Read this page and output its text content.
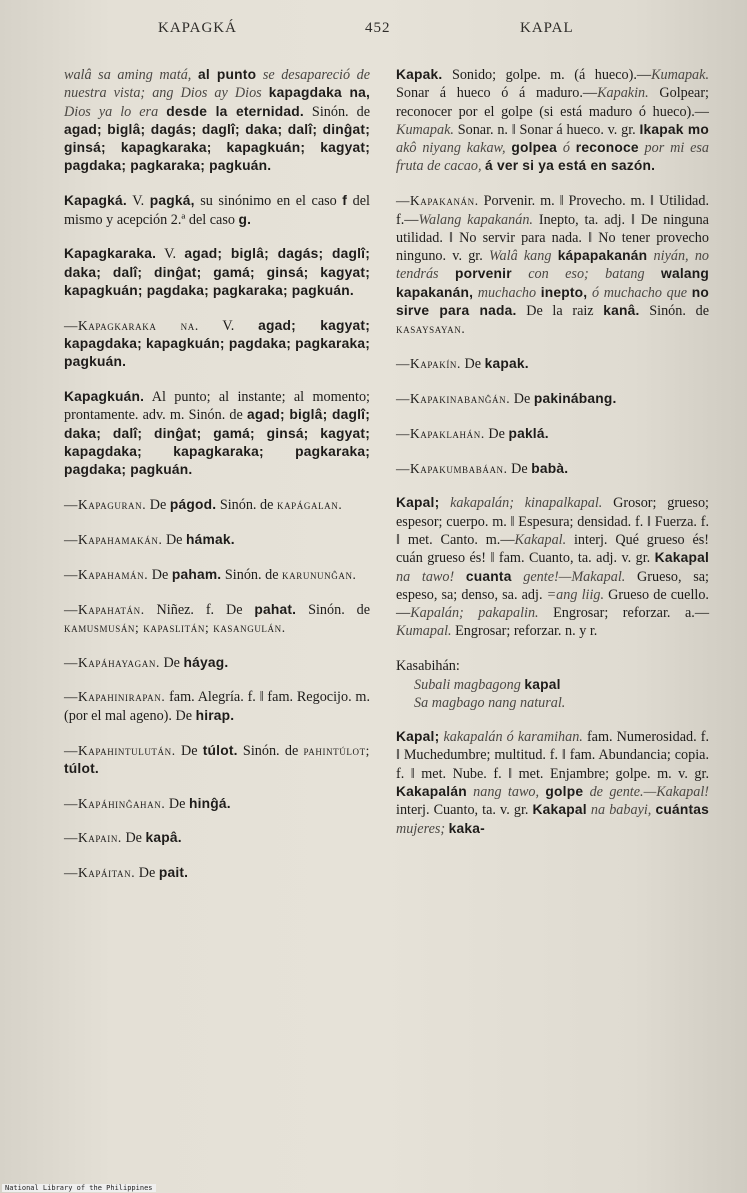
KAPAGKÁ	452	KAPAL

walâ sa aming matá, al punto se desapareció de nuestra vista; ang Dios ay Dios kapagdaka na, Dios ya lo era desde la eternidad. Sinón. de agad; biglâ; dagás; daglî; daka; dalî; dinĝat; ginsá; kapagkaraka; kapagkuán; kagyat; pagdaka; pagkaraka; pagkuán.

Kapagká. V. pagká, su sinónimo en el caso f del mismo y acepción 2.ª del caso g.

Kapagkaraka. V. agad; biglâ; dagás; daglî; daka; dalî; dinĝat; gamá; ginsá; kagyat; kapagkuán; pagdaka; pagkaraka; pagkuán.

—Kapagkaraka na. V. agad; kagyat; kapagdaka; kapagkuán; pagdaka; pagkaraka; pagkuán.

Kapagkuán. Al punto; al instante; al momento; prontamente. adv. m. Sinón. de agad; biglâ; daglî; daka; dalî; dinĝat; gamá; ginsá; kagyat; kapagdaka; kapagkaraka; pagkaraka; pagdaka; pagkuán.

—Kapaguran. De págod. Sinón. de kapágalan.

—Kapahamakán. De hámak.

—Kapahamán. De paham. Sinón. de karununĝan.

—Kapahatán. Niñez. f. De pahat. Sinón. de kamusmusán; kapaslitán; kasangulán.

—Kapáhayagan. De háyag.

—Kapahinirapan. fam. Alegría. f. ‖ fam. Regocijo. m. (por el mal ageno). De hirap.

—Kapahintulután. De túlot. Sinón. de pahintúlot; túlot.

—Kapáhinĝahan. De hinĝá.

—Kapain. De kapâ.

—Kapáitan. De pait.

Kapak. Sonido; golpe. m. (á hueco).—Kumapak. Sonar á hueco ó á maduro.—Kapakin. Golpear; reconocer por el golpe (si está maduro ó hueco).—Kumapak. Sonar. n. ‖ Sonar á hueco. v. gr. Ikapak mo akô niyang kakaw, golpea ó reconoce por mi esa fruta de cacao, á ver si ya está en sazón.

—Kapakanán. Porvenir. m. ‖ Provecho. m. ‖ Utilidad. f.—Walang kapakanán. Inepto, ta. adj. ‖ De ninguna utilidad. ‖ No servir para nada. ‖ No tener provecho ninguno. v. gr. Walâ kang kápapakanán niyán, no tendrás porvenir con eso; batang walang kapakanán, muchacho inepto, ó muchacho que no sirve para nada. De la raiz kanâ. Sinón. de kasaysayan.

—Kapakín. De kapak.

—Kapakinabanĝán. De pakinábang.

—Kapaklahán. De paklá.

—Kapakumbabáan. De babà.

Kapal; kakapalán; kinapalkapal. Grosor; grueso; espesor; cuerpo. m. ‖ Espesura; densidad. f. ‖ Fuerza. f. ‖ met. Canto. m.—Kakapal. interj. Qué grueso és! cuán grueso és! ‖ fam. Cuanto, ta. adj. v. gr. Kakapal na tawo! cuanta gente!—Makapal. Grueso, sa; espeso, sa; denso, sa. adj. =ang liig. Grueso de cuello.—Kapalán; pakapalin. Engrosar; reforzar. a.—Kumapal. Engrosar; reforzar. n. y r.

Kasabihán:
Subali magbagong kapal
Sa magbago nang natural.

Kapal; kakapalán ó karamihan. fam. Numerosidad. f. ‖ Muchedumbre; multitud. f. ‖ fam. Abundancia; copia. f. ‖ met. Nube. f. ‖ met. Enjambre; golpe. m. v. gr. Kakapalán nang tawo, golpe de gente.—Kakapal! interj. Cuanto, ta. v. gr. Kakapal na babayi, cuántas mujeres; kaka-

National Library of the Philippines
